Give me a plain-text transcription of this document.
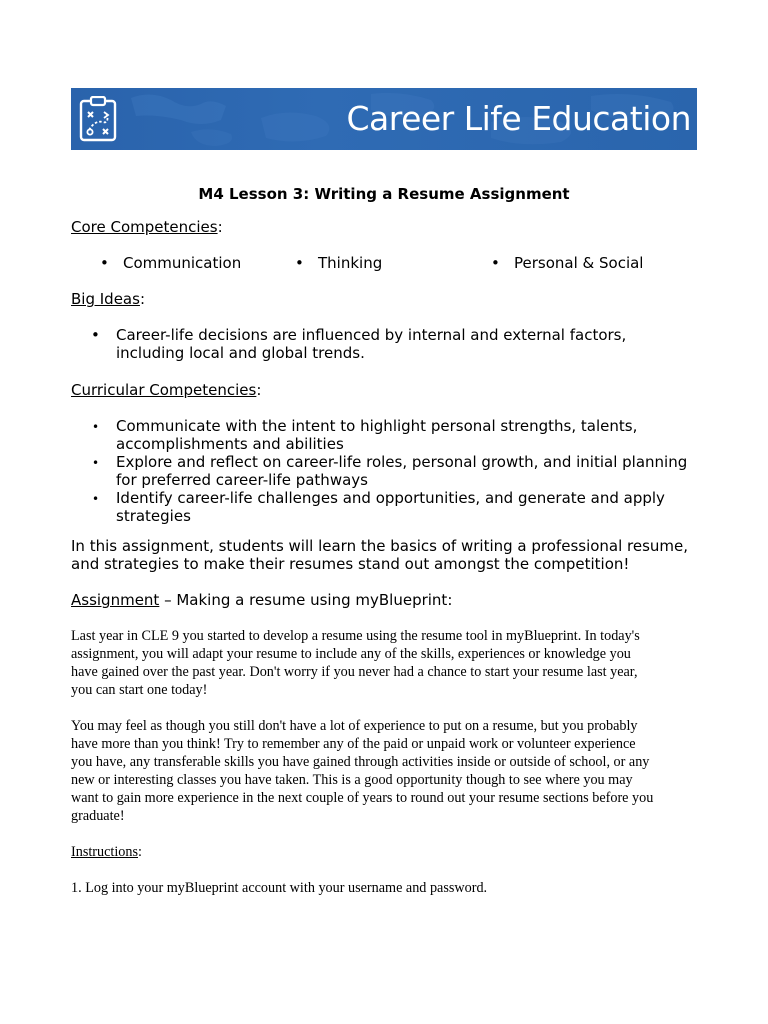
Career Life Education
M4 Lesson 3: Writing a Resume Assignment
Core Competencies:
• Communication	• Thinking	• Personal & Social
Big Ideas:
• Career-life decisions are influenced by internal and external factors,
including local and global trends.
Curricular Competencies:
• Communicate with the intent to highlight personal strengths, talents,
accomplishments and abilities
• Explore and reflect on career-life roles, personal growth, and initial planning
for preferred career-life pathways
• Identify career-life challenges and opportunities, and generate and apply
strategies
In this assignment, students will learn the basics of writing a professional resume,
and strategies to make their resumes stand out amongst the competition!
Assignment – Making a resume using myBlueprint:
Last year in CLE 9 you started to develop a resume using the resume tool in myBlueprint. In today's
assignment, you will adapt your resume to include any of the skills, experiences or knowledge you
have gained over the past year. Don't worry if you never had a chance to start your resume last year,
you can start one today!
You may feel as though you still don't have a lot of experience to put on a resume, but you probably
have more than you think! Try to remember any of the paid or unpaid work or volunteer experience
you have, any transferable skills you have gained through activities inside or outside of school, or any
new or interesting classes you have taken. This is a good opportunity though to see where you may
want to gain more experience in the next couple of years to round out your resume sections before you
graduate!
Instructions:
1. Log into your myBlueprint account with your username and password.
